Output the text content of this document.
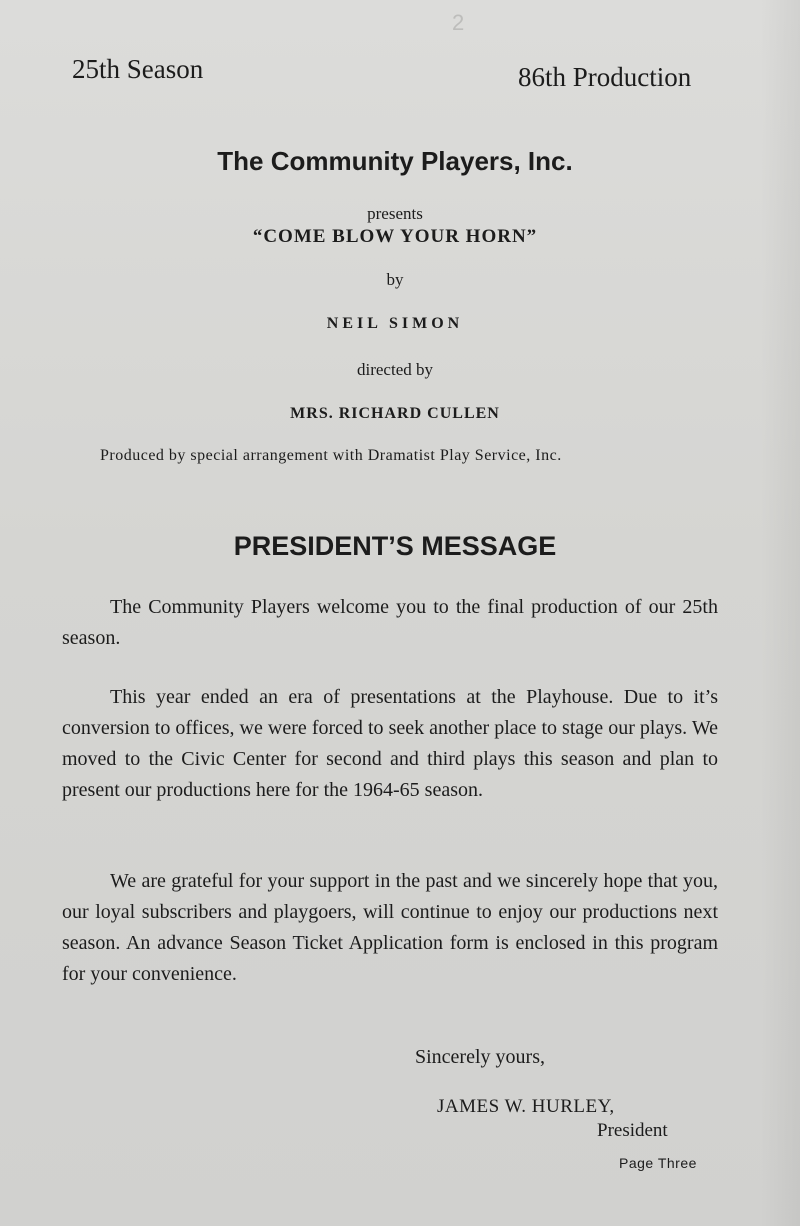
2
25th Season	86th Production
The Community Players, Inc.
presents
“COME BLOW YOUR HORN”
by
NEIL SIMON
directed by
MRS. RICHARD CULLEN
Produced by special arrangement with Dramatist Play Service, Inc.
PRESIDENT’S MESSAGE

The Community Players welcome you to the final production of our 25th season.

This year ended an era of presentations at the Playhouse. Due to it’s conversion to offices, we were forced to seek another place to stage our plays. We moved to the Civic Center for second and third plays this season and plan to present our productions here for the 1964-65 season.

We are grateful for your support in the past and we sincerely hope that you, our loyal subscribers and playgoers, will continue to enjoy our productions next season. An advance Season Ticket Application form is enclosed in this program for your convenience.

Sincerely yours,
JAMES W. HURLEY,
President
Page Three
